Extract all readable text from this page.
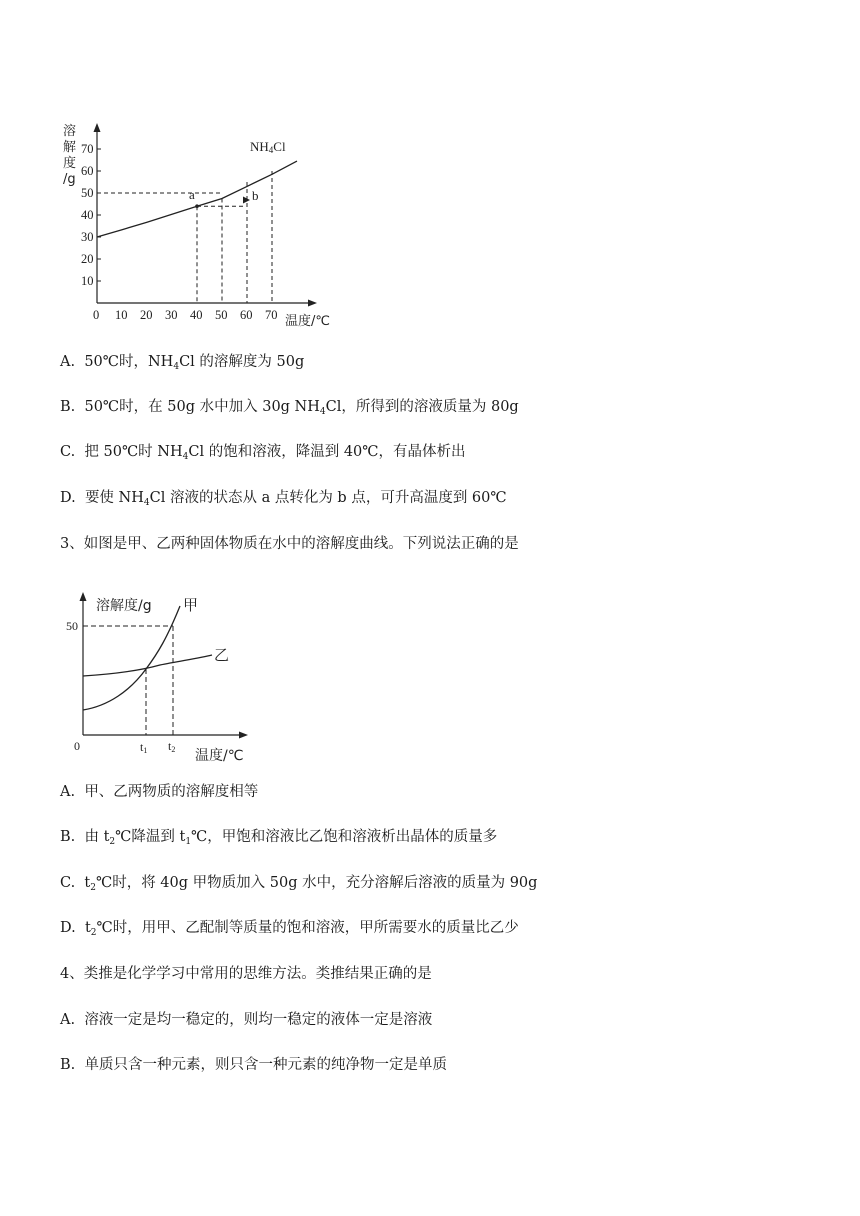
0 10 20 30 40 50 60 70
10
20
30
40
50
60
70
溶
解
度
/g
温度/℃
NH4Cl
a	b
A. 50℃时，$NH_4Cl$ 的溶解度为 50g
B. 50℃时，在 50g 水中加入 30g $NH_4Cl$，所得到的溶液质量为 80g
C. 把 50℃时 $NH_4Cl$ 的饱和溶液，降温到 40℃，有晶体析出
D. 要使 $NH_4Cl$ 溶液的状态从 a 点转化为 b 点，可升高温度到 60℃
3、如图是甲、乙两种固体物质在水中的溶解度曲线。下列说法正确的是
溶解度/g
0
50
t1 t2 温度/℃
甲
乙
A. 甲、乙两物质的溶解度相等
B. 由 $t_2℃$降温到 $t_1℃$，甲饱和溶液比乙饱和溶液析出晶体的质量多
C. $t_2℃$时，将 40g 甲物质加入 50g 水中，充分溶解后溶液的质量为 90g
D. $t_2℃$时，用甲、乙配制等质量的饱和溶液，甲所需要水的质量比乙少
4、类推是化学学习中常用的思维方法。类推结果正确的是
A. 溶液一定是均一稳定的，则均一稳定的液体一定是溶液
B. 单质只含一种元素，则只含一种元素的纯净物一定是单质
